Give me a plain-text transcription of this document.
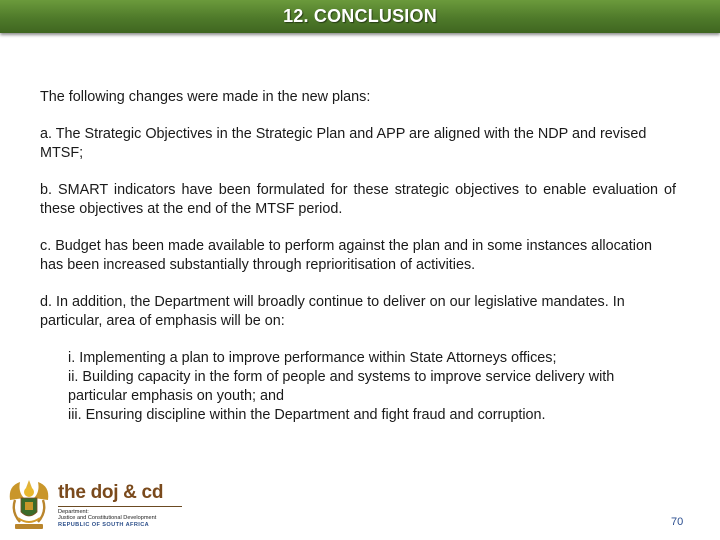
12. CONCLUSION

The following changes were made in the new plans:

a. The Strategic Objectives in the Strategic Plan and APP are aligned with the NDP and revised MTSF;

b. SMART indicators have been formulated for these strategic objectives to enable evaluation of these objectives at the end of the MTSF period.

c. Budget has been made available to perform against the plan and in some instances allocation has been increased substantially through reprioritisation of activities.

d. In addition, the Department will broadly continue to deliver on our legislative mandates. In particular, area of emphasis will be on:

i. Implementing a plan to improve performance within State Attorneys offices;

ii. Building capacity in the form of people and systems to improve service delivery with particular emphasis on youth; and

iii. Ensuring discipline within the Department and fight fraud and corruption.

the doj & cd
Department:
Justice and Constitutional Development
REPUBLIC OF SOUTH AFRICA	70
